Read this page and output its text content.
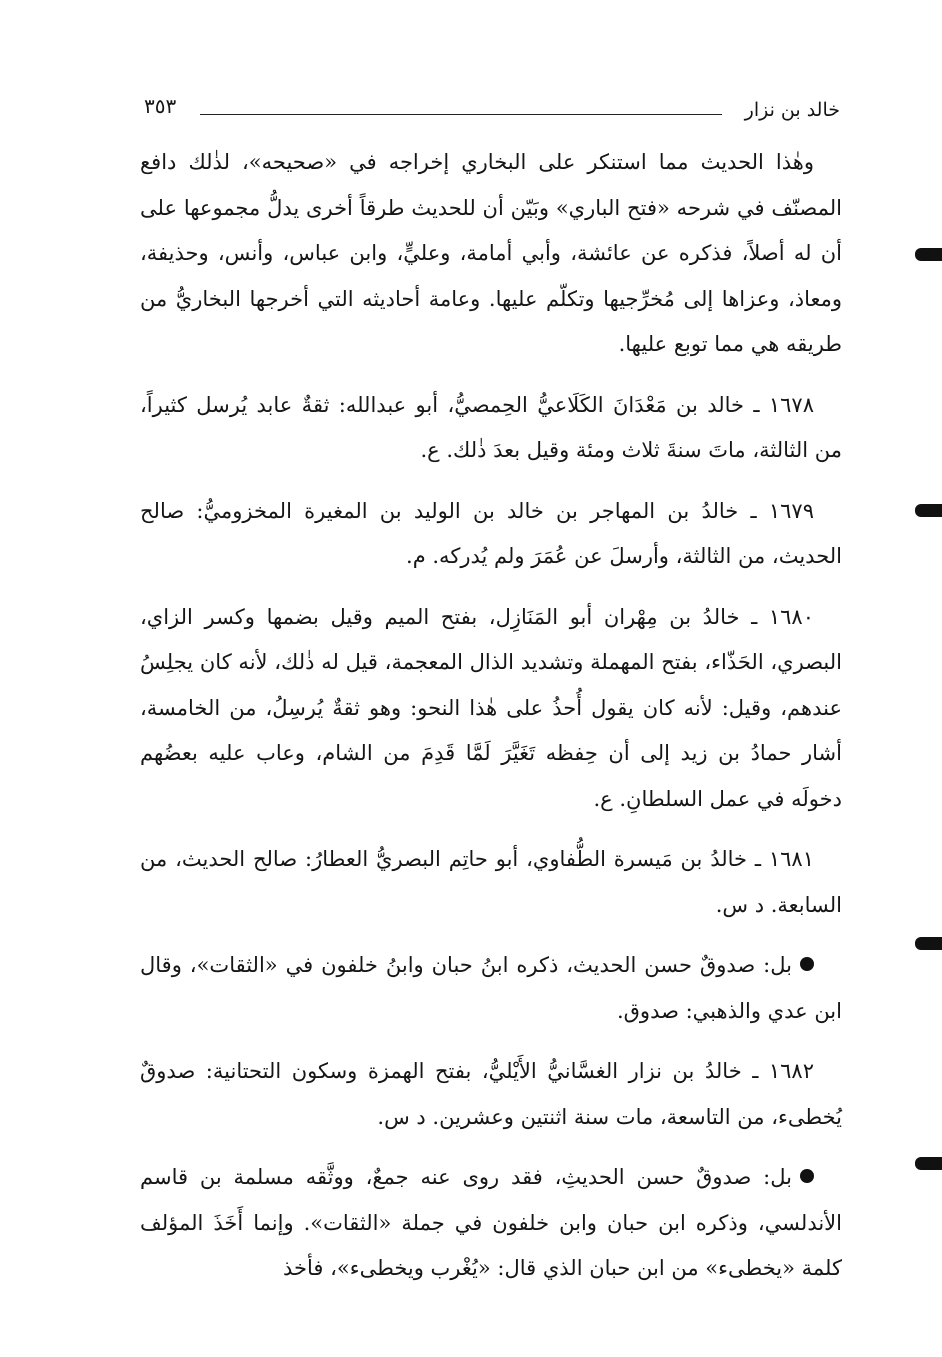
خالد بن نزار
٣٥٣

وهٰذا الحديث مما استنكر على البخاري إخراجه في «صحيحه»، لذٰلك دافع المصنّف في شرحه «فتح الباري» وبَيّن أن للحديث طرقاً أخرى يدلُّ مجموعها على أن له أصلاً، فذكره عن عائشة، وأبي أمامة، وعليٍّ، وابن عباس، وأنس، وحذيفة، ومعاذ، وعزاها إلى مُخرِّجيها وتكلّم عليها. وعامة أحاديثه التي أخرجها البخاريُّ من طريقه هي مما توبع عليها.

١٦٧٨ ـ خالد بن مَعْدَانَ الكَلَاعيُّ الحِمصيُّ، أبو عبدالله: ثقةٌ عابد يُرسل كثيراً، من الثالثة، ماتَ سنةَ ثلاث ومئة وقيل بعدَ ذٰلك. ع.

١٦٧٩ ـ خالدُ بن المهاجر بن خالد بن الوليد بن المغيرة المخزوميُّ: صالح الحديث، من الثالثة، وأرسلَ عن عُمَرَ ولم يُدركه. م.

١٦٨٠ ـ خالدُ بن مِهْران أبو المَنَازِل، بفتح الميم وقيل بضمها وكسر الزاي، البصري، الحَذّاء، بفتح المهملة وتشديد الذال المعجمة، قيل له ذٰلك، لأنه كان يجلِسُ عندهم، وقيل: لأنه كان يقول أُحذُ على هٰذا النحو: وهو ثقةٌ يُرسِلُ، من الخامسة، أشار حمادُ بن زيد إلى أن حِفظه تَغَيَّرَ لَمَّا قَدِمَ من الشام، وعاب عليه بعضُهم دخولَه في عمل السلطانِ. ع.

١٦٨١ ـ خالدُ بن مَيسرة الطُّفاوي، أبو حاتِم البصريُّ العطارُ: صالح الحديث، من السابعة. د س.

بل: صدوقٌ حسن الحديث، ذكره ابنُ حبان وابنُ خلفون في «الثقات»، وقال ابن عدي والذهبي: صدوق.

١٦٨٢ ـ خالدُ بن نزار الغسَّانيُّ الأَيْليُّ، بفتح الهمزة وسكون التحتانية: صدوقٌ يُخطىء، من التاسعة، مات سنة اثنتين وعشرين. د س.

بل: صدوقٌ حسن الحديثِ، فقد روى عنه جمعٌ، ووثَّقه مسلمة بن قاسم الأندلسي، وذكره ابن حبان وابن خلفون في جملة «الثقات». وإنما أَخَذَ المؤلف كلمة «يخطىء» من ابن حبان الذي قال: «يُغْرب ويخطىء»، فأخذ
